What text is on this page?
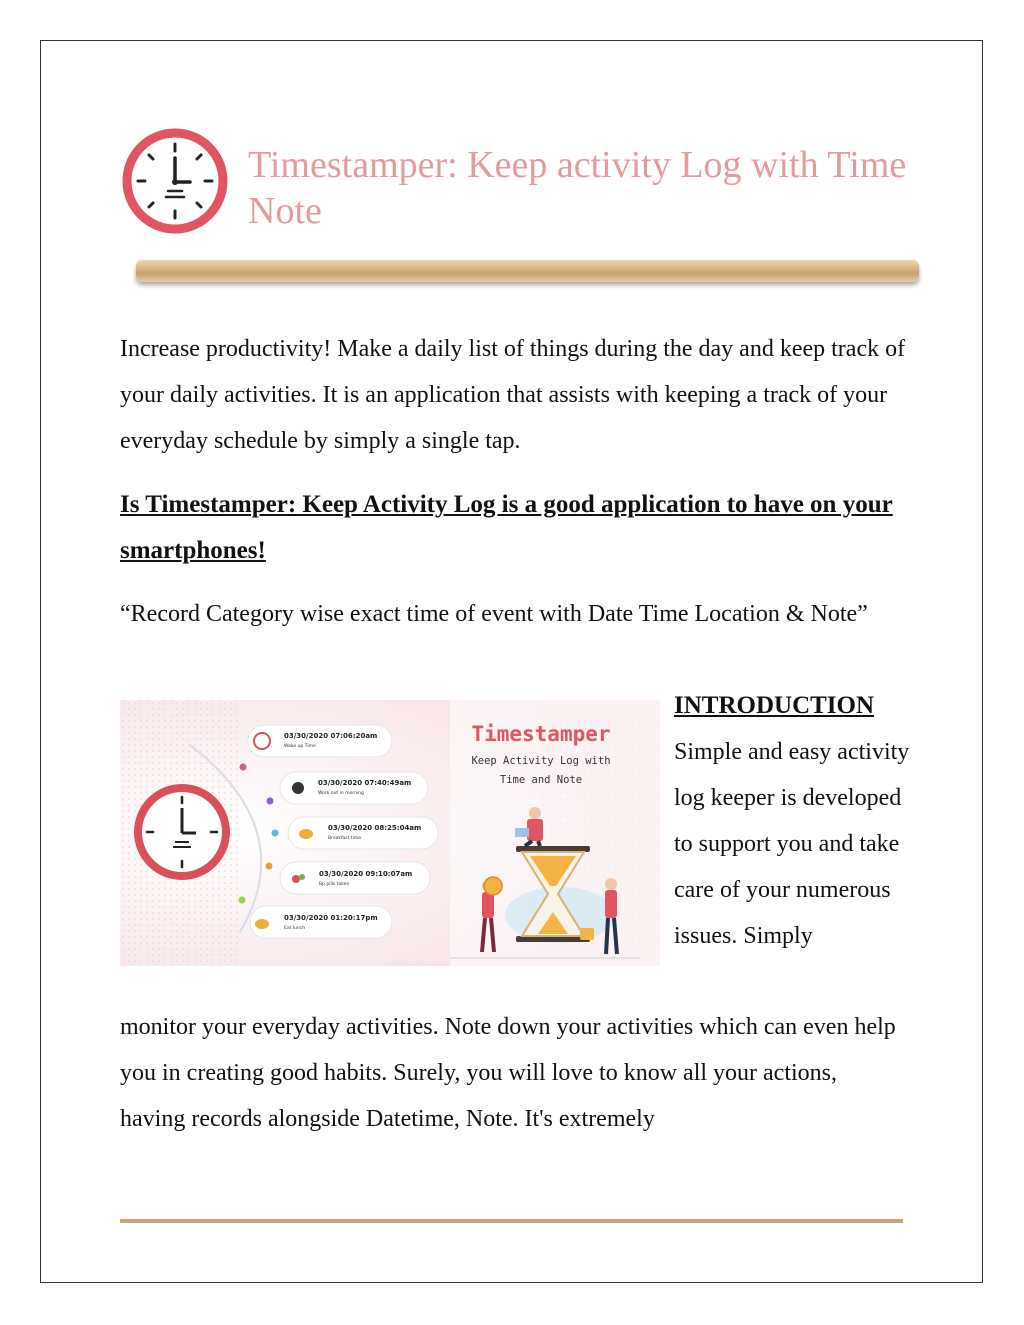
Timestamper: Keep activity Log with Time Note

Increase productivity! Make a daily list of things during the day and keep track of your daily activities. It is an application that assists with keeping a track of your everyday schedule by simply a single tap.

Is Timestamper: Keep Activity Log is a good application to have on your smartphones!

“Record Category wise exact time of event with Date Time Location & Note”

INTRODUCTION

Simple and easy activity log keeper is developed to support you and take care of your numerous issues. Simply

03/30/2020 07:06:20am
Wake up Time
03/30/2020 07:40:49am
Work out in morning
03/30/2020 08:25:04am
Breakfast time
03/30/2020 09:10:07am
Bp pills taken
03/30/2020 01:20:17pm
Eat lunch
Timestamper
Keep Activity Log with
Time and Note

monitor your everyday activities. Note down your activities which can even help you in creating good habits. Surely, you will love to know all your actions, having records alongside Datetime, Note. It's extremely
